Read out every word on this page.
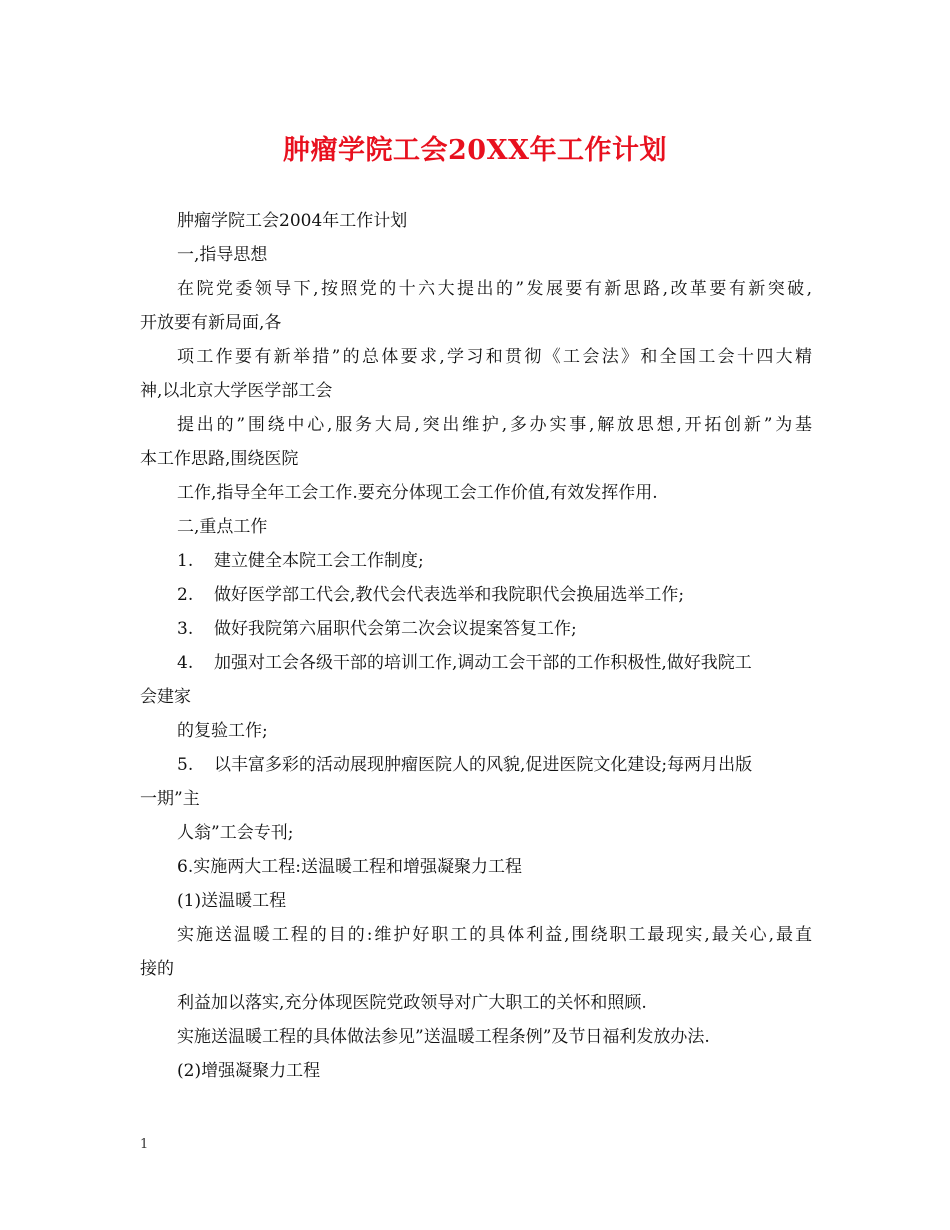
肿瘤学院工会20XX年工作计划
肿瘤学院工会2004年工作计划
一,指导思想
在院党委领导下,按照党的十六大提出的”发展要有新思路,改革要有新突破,
开放要有新局面,各
项工作要有新举措”的总体要求,学习和贯彻《工会法》和全国工会十四大精
神,以北京大学医学部工会
提出的”围绕中心,服务大局,突出维护,多办实事,解放思想,开拓创新”为基
本工作思路,围绕医院
工作,指导全年工会工作.要充分体现工会工作价值,有效发挥作用.
二,重点工作
1. 建立健全本院工会工作制度;
2. 做好医学部工代会,教代会代表选举和我院职代会换届选举工作;
3. 做好我院第六届职代会第二次会议提案答复工作;
4. 加强对工会各级干部的培训工作,调动工会干部的工作积极性,做好我院工
会建家
的复验工作;
5. 以丰富多彩的活动展现肿瘤医院人的风貌,促进医院文化建设;每两月出版
一期”主
人翁”工会专刊;
6.实施两大工程:送温暖工程和增强凝聚力工程
(1)送温暖工程
实施送温暖工程的目的:维护好职工的具体利益,围绕职工最现实,最关心,最直
接的
利益加以落实,充分体现医院党政领导对广大职工的关怀和照顾.
实施送温暖工程的具体做法参见”送温暖工程条例”及节日福利发放办法.
(2)增强凝聚力工程
1
